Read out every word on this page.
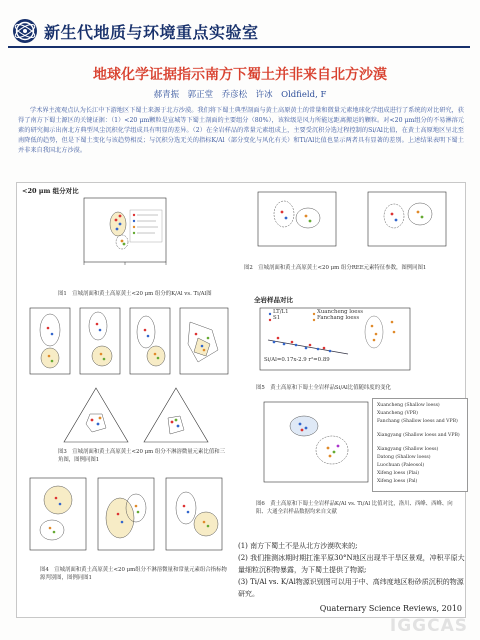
新生代地质与环境重点实验室
地球化学证据指示南方下蜀土并非来自北方沙漠
郝青振　郭正堂　乔彦松　许冰　Oldfield, F
学术界主流观点认为长江中下游地区下蜀土来源于北方沙漠。我们将下蜀土典型剖面与黄土高原黄土的常量和微量元素地球化学组成进行了系统的对比研究，获得了南方下蜀土源区的关键证据：（1）<20 μm颗粒是宣城等下蜀土剖面的主要组分（80%），该粒级是风力所能远距离搬运的颗粒。对<20 μm组分的不易淋溶元素的研究揭示出南北方典型风尘沉积化学组成具有明显的差异。（2）在全岩样品的常量元素组成上，主要受沉积分选过程控制的Si/Al比值，在黄土高原地区呈北至南降低的趋势，但是下蜀土变化与该趋势相反；与沉积分选无关的指标K/Al（部分变化与风化有关）和Ti/Al比值也显示两者具有显著的差别。上述结果表明下蜀土并非来自我国北方沙漠。
<20 μm 组分对比
图1　宣城剖面和黄土高原黄土<20 μm 组分的K/Al vs. Ti/Al图
图2　宣城剖面和黄土高原黄土<20 μm 组分REE元素特征参数，图例同图1
图3　宣城剖面和黄土高原黄土<20 μm 组分不淋溶微量元素比值和三角图，图例同图1
图4　宣城剖面和黄土高原黄土<20 μm组分不淋溶微量和常量元素组合指标物源判别图，图例同图1
全岩样品对比
LT/L1
S1
Xuancheng loess
Fanchang loess
Si/Al=0.17x-2.9 r²=0.89
图5　黄土高原和下蜀土全岩样品Si/Al比值随纬度的变化
Xuancheng (Shallow loess)
Xuancheng (VPB)
Fanchang (Shallow loess and VPB)
Xiangyang (Shallow loess and VPB)
Xiangyang (Shallow loess)
Datong (Shallow loess)
Luochuan (Paleosol)
Xifeng loess (Plai)
Xifeng loess (Pal)
图6　黄土高原和下蜀土全岩样品K/Al vs. Ti/Al 比值对比，洛川、西峰、西峰、向阳、大通全岩样品数据均来自文献
(1) 南方下蜀土不是从北方沙漠吹来的;
(2) 我们推测冰期时期扛淮平原30°N地区出现半干旱区景观，冲积平原大量细粒沉积物暴露，为下蜀土提供了物源;
(3) Ti/Al vs. K/Al物源识别图可以用于中、高纬度地区粉砂质沉积的物源研究。
Quaternary Science Reviews, 2010
IGGCAS
